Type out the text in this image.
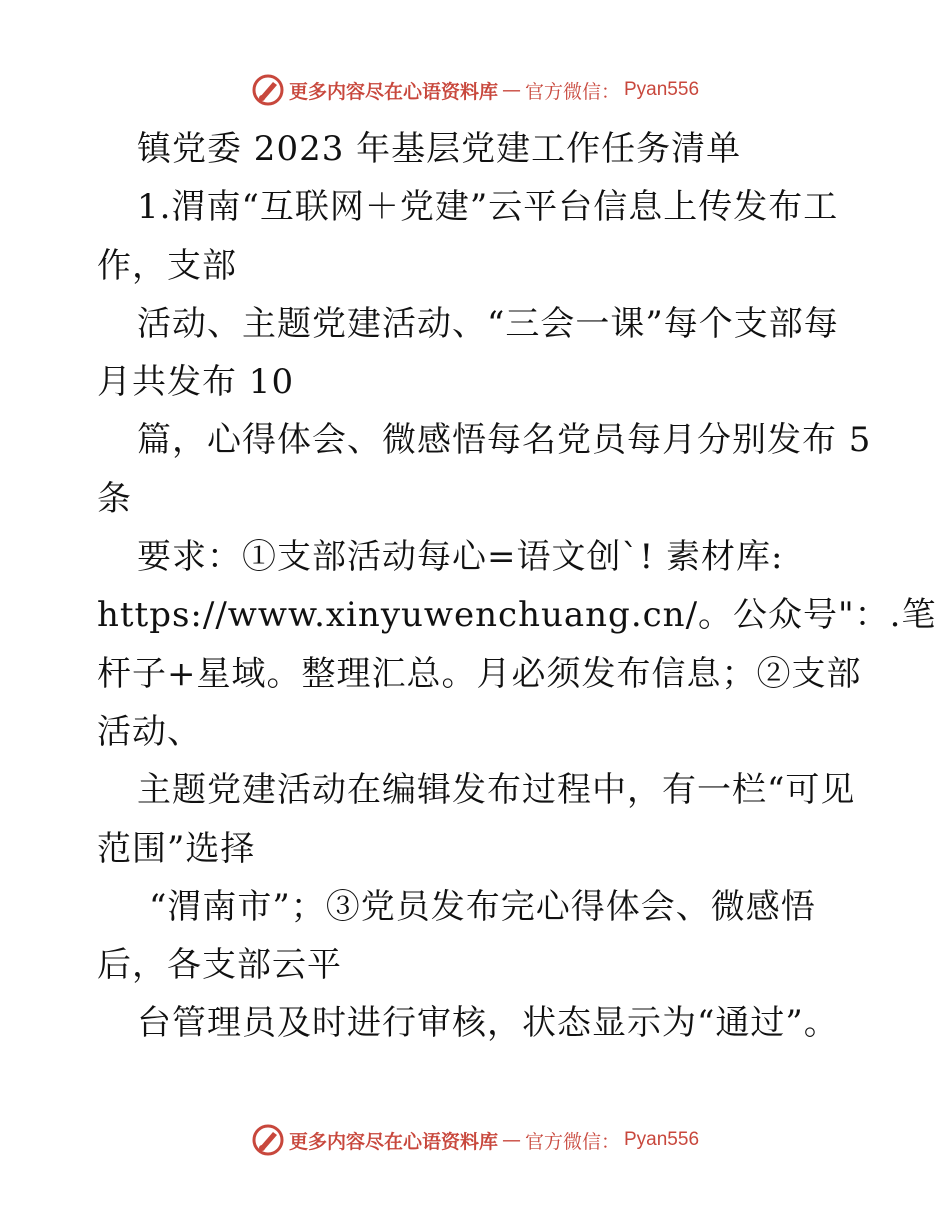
更多内容尽在心语资料库 — 官方微信： Pyan556
镇党委 2023 年基层党建工作任务清单
1.渭南“互联网＋党建”云平台信息上传发布工
作，支部
活动、主题党建活动、“三会一课”每个支部每
月共发布 10
篇，心得体会、微感悟每名党员每月分别发布 5
条
要求：①支部活动每心=语文创`! 素材库:
https://www.xinyuwenchuang.cn/。公众号"：.笔
杆子+星域。整理汇总。月必须发布信息；②支部
活动、
主题党建活动在编辑发布过程中，有一栏“可见
范围”选择
“渭南市”；③党员发布完心得体会、微感悟
后，各支部云平
台管理员及时进行审核，状态显示为“通过”。
更多内容尽在心语资料库 — 官方微信： Pyan556
